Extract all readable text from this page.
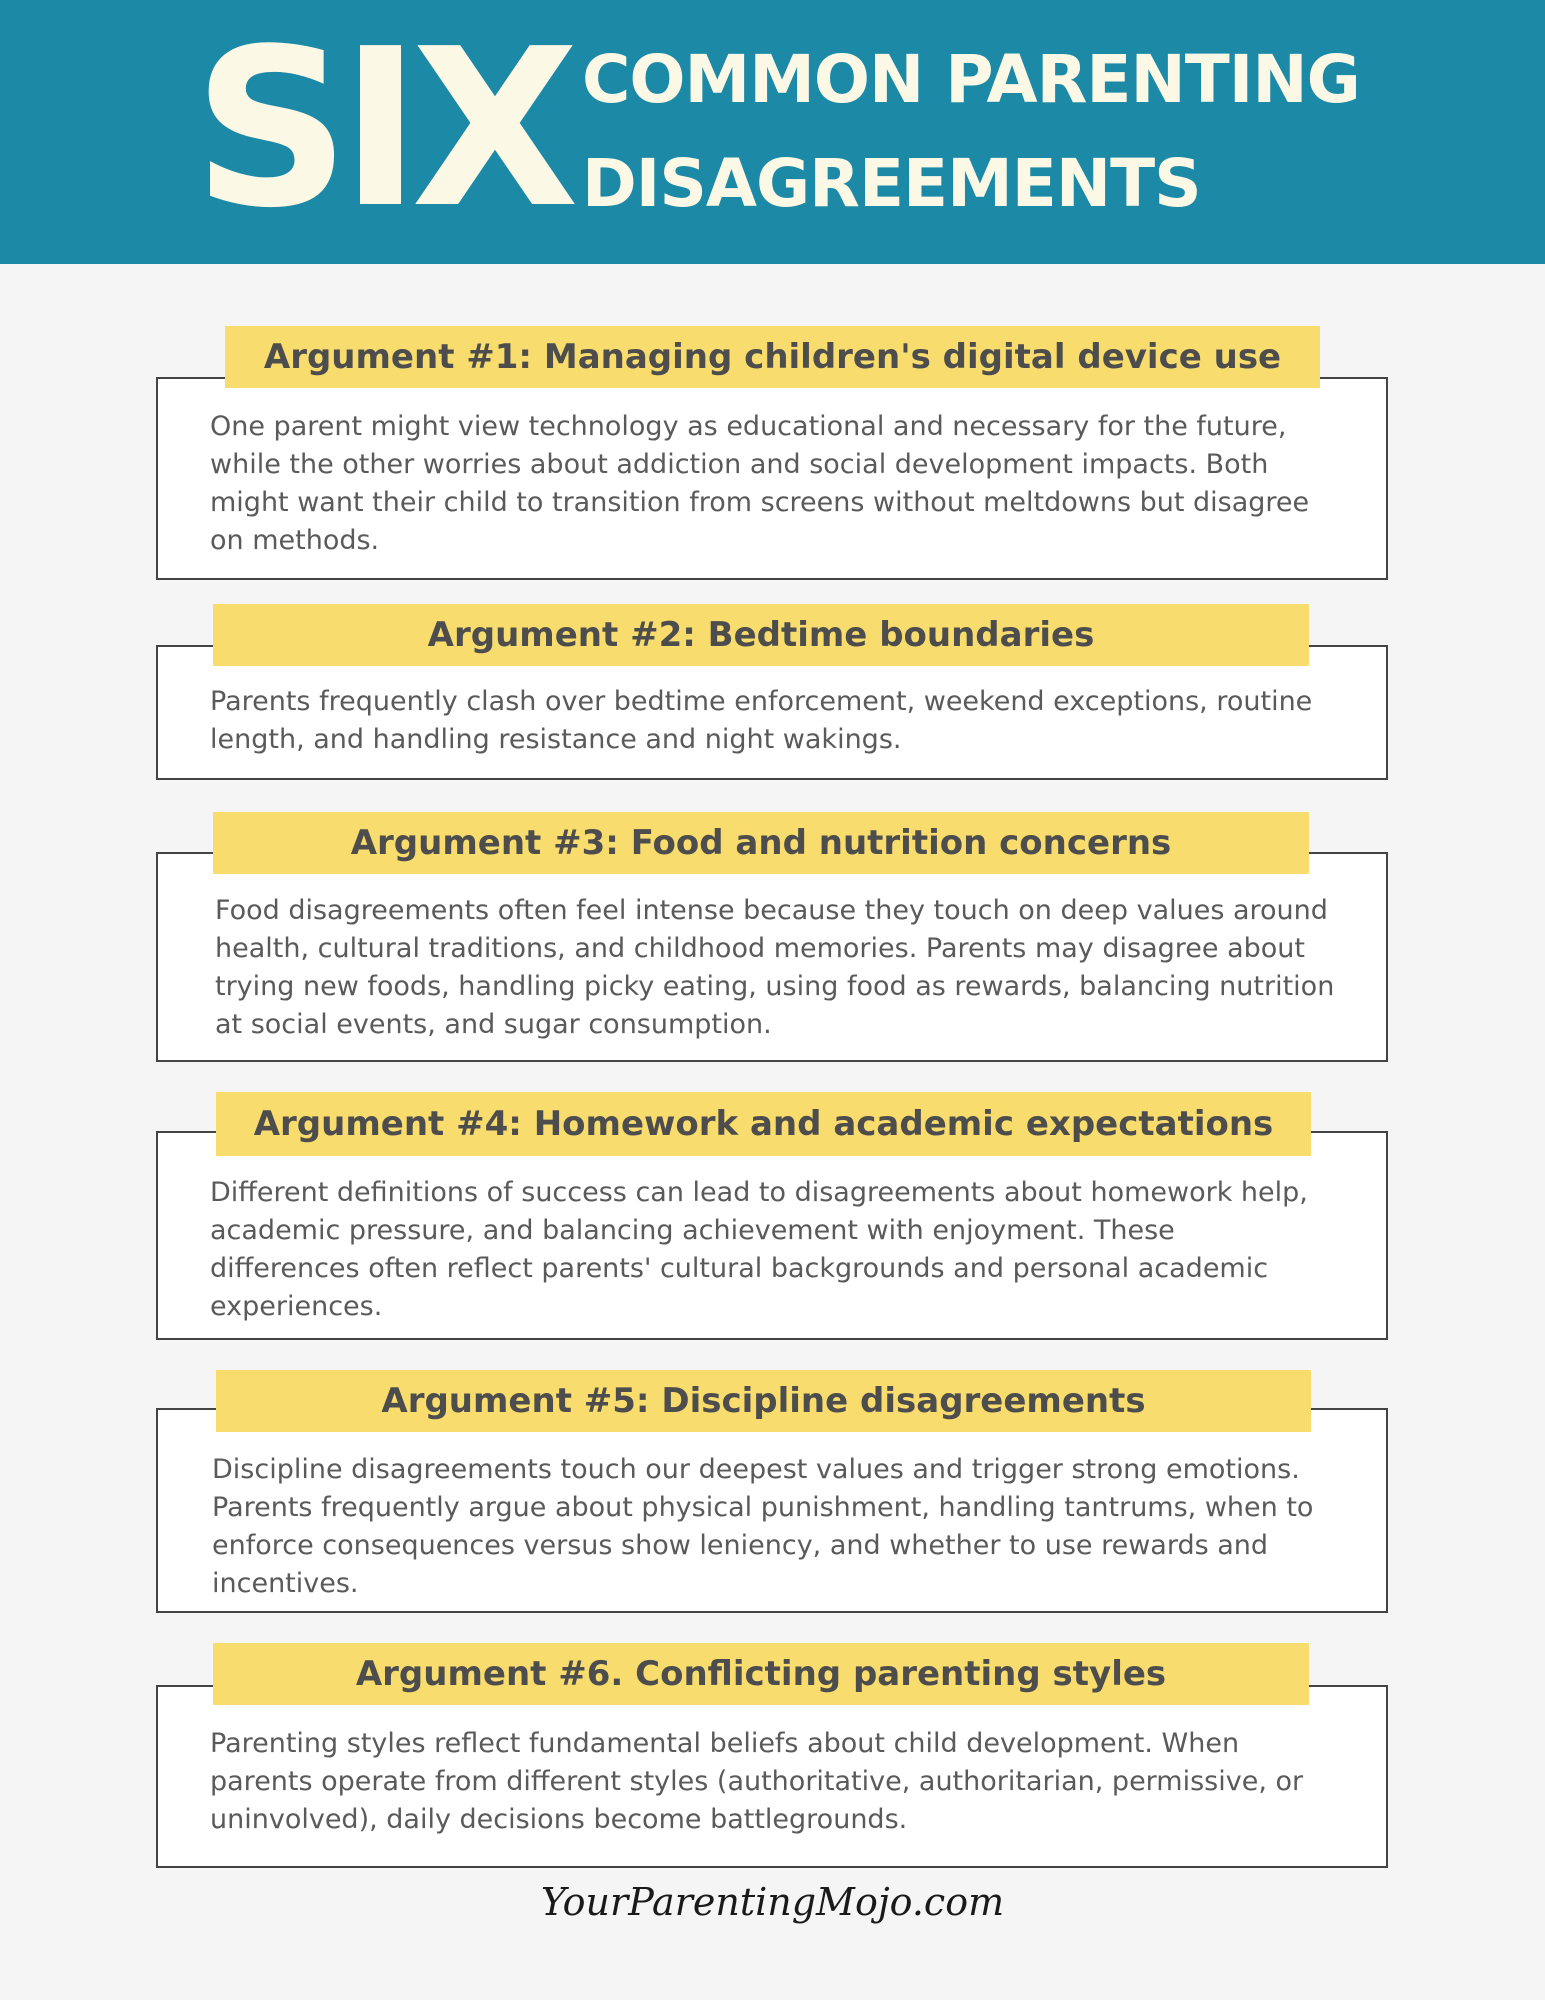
SIX COMMON PARENTING
DISAGREEMENTS
Argument #1: Managing children's digital device use

One parent might view technology as educational and necessary for the future, while the other worries about addiction and social development impacts. Both might want their child to transition from screens without meltdowns but disagree on methods.

Argument #2: Bedtime boundaries

Parents frequently clash over bedtime enforcement, weekend exceptions, routine length, and handling resistance and night wakings.

Argument #3: Food and nutrition concerns

Food disagreements often feel intense because they touch on deep values around health, cultural traditions, and childhood memories. Parents may disagree about trying new foods, handling picky eating, using food as rewards, balancing nutrition at social events, and sugar consumption.

Argument #4: Homework and academic expectations

Different definitions of success can lead to disagreements about homework help, academic pressure, and balancing achievement with enjoyment. These differences often reflect parents' cultural backgrounds and personal academic experiences.

Argument #5: Discipline disagreements

Discipline disagreements touch our deepest values and trigger strong emotions. Parents frequently argue about physical punishment, handling tantrums, when to enforce consequences versus show leniency, and whether to use rewards and incentives.

Argument #6. Conflicting parenting styles

Parenting styles reflect fundamental beliefs about child development. When parents operate from different styles (authoritative, authoritarian, permissive, or uninvolved), daily decisions become battlegrounds.

YourParentingMojo.com
